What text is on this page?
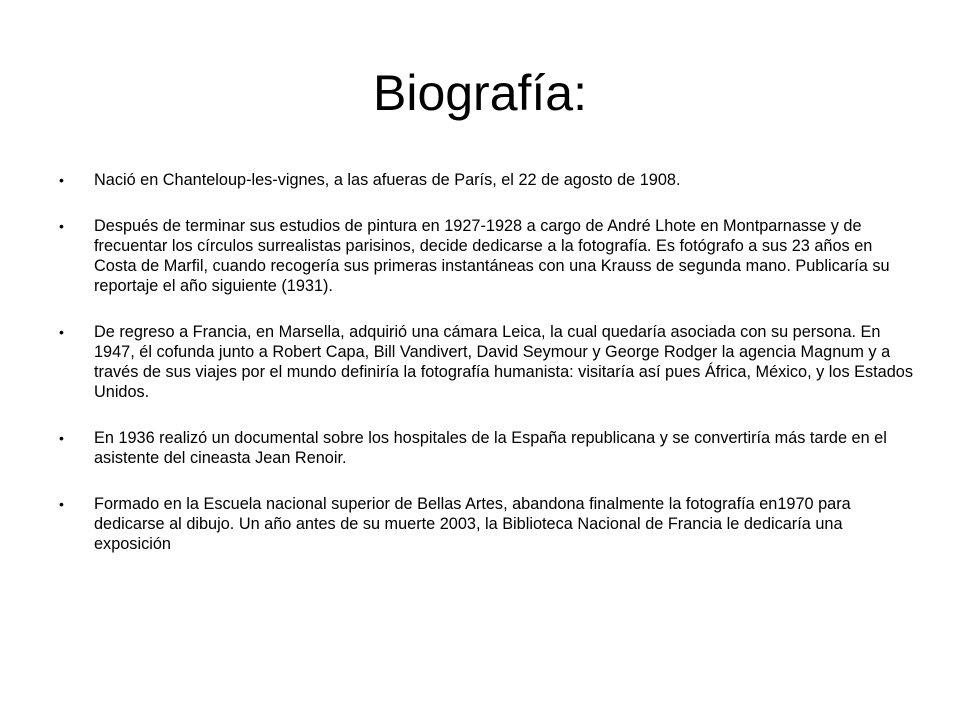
Biografía:
• Nació en Chanteloup-les-vignes, a las afueras de París, el 22 de agosto de 1908.
• Después de terminar sus estudios de pintura en 1927-1928 a cargo de André Lhote en Montparnasse y de frecuentar los círculos surrealistas parisinos, decide dedicarse a la fotografía. Es fotógrafo a sus 23 años en Costa de Marfil, cuando recogería sus primeras instantáneas con una Krauss de segunda mano. Publicaría su reportaje el año siguiente (1931).
• De regreso a Francia, en Marsella, adquirió una cámara Leica, la cual quedaría asociada con su persona. En 1947, él cofunda junto a Robert Capa, Bill Vandivert, David Seymour y George Rodger la agencia Magnum y a través de sus viajes por el mundo definiría la fotografía humanista: visitaría así pues África, México, y los Estados Unidos.
• En 1936 realizó un documental sobre los hospitales de la España republicana y se convertiría más tarde en el asistente del cineasta Jean Renoir.
• Formado en la Escuela nacional superior de Bellas Artes, abandona finalmente la fotografía en1970 para dedicarse al dibujo. Un año antes de su muerte 2003, la Biblioteca Nacional de Francia le dedicaría una exposición
